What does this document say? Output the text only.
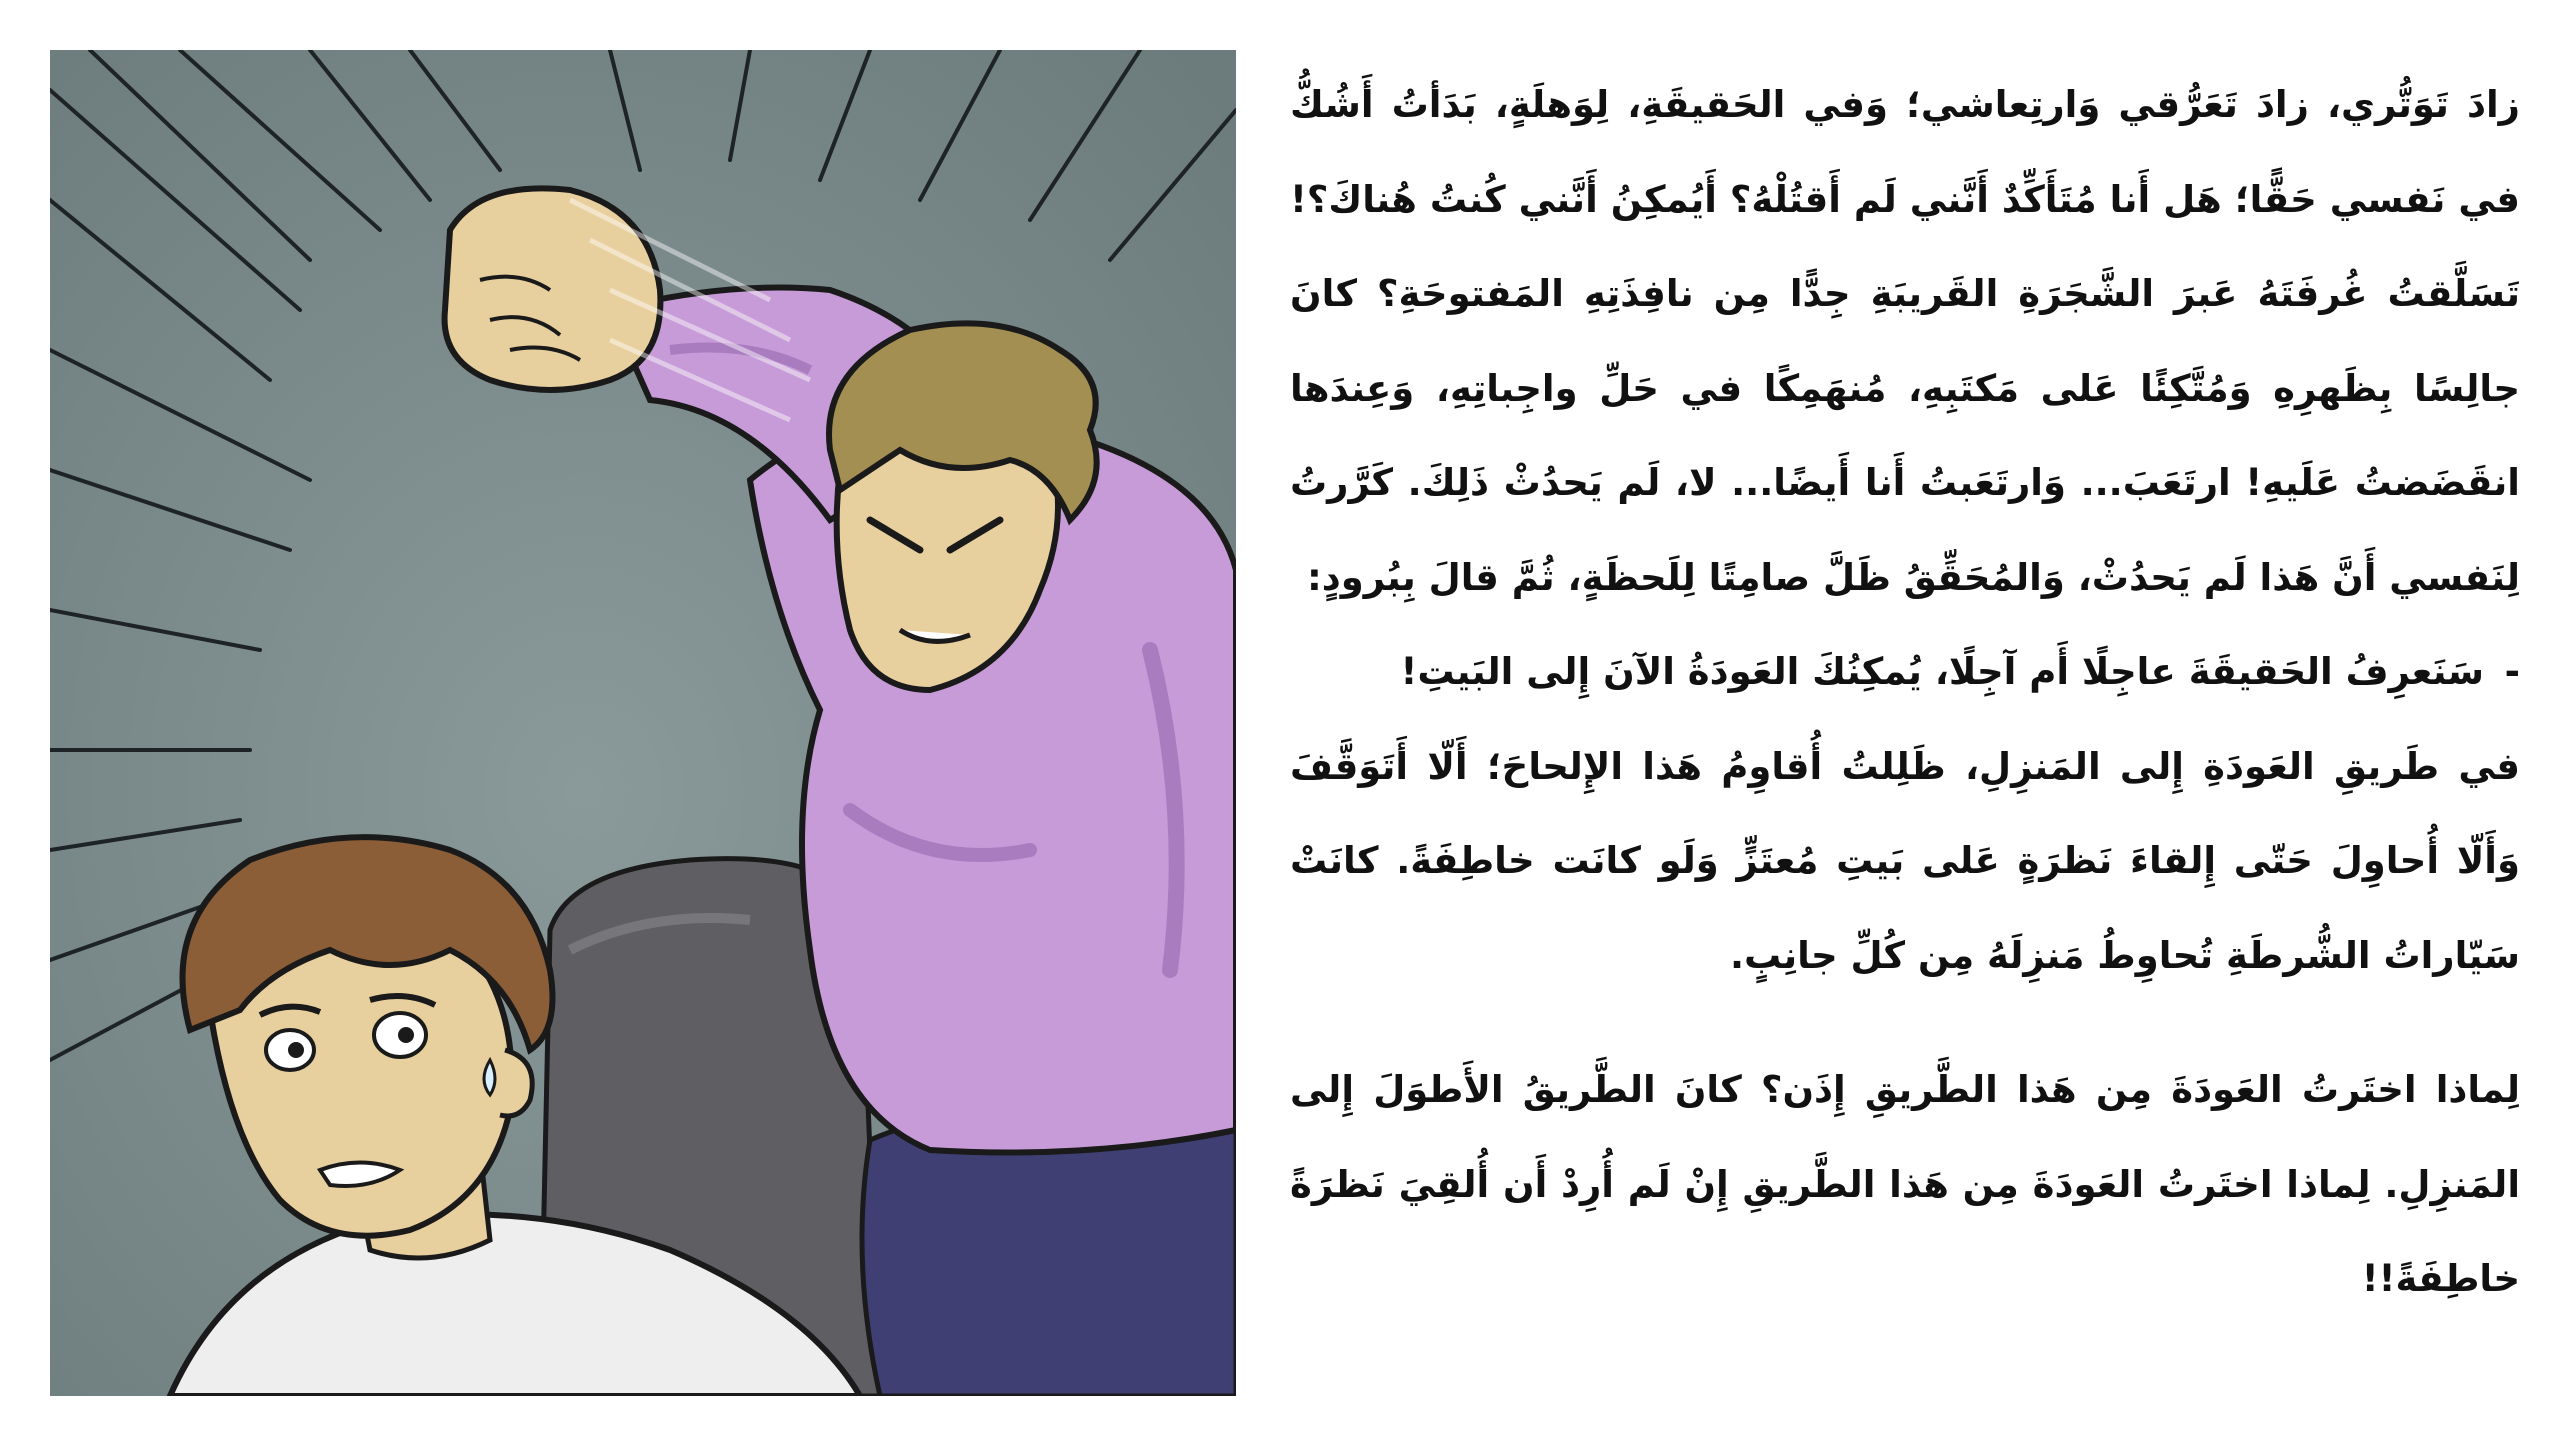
زادَ تَوَتُّري، زادَ تَعَرُّقي وَارتِعاشي؛ وَفي الحَقيقَةِ، لِوَهلَةٍ، بَدَأتُ أَشُكُّ في نَفسي حَقًّا؛ هَل أَنا مُتَأَكِّدٌ أَنَّني لَم أَقتُلْهُ؟ أَيُمكِنُ أَنَّني كُنتُ هُناكَ؟! تَسَلَّقتُ غُرفَتَهُ عَبرَ الشَّجَرَةِ القَريبَةِ جِدًّا مِن نافِذَتِهِ المَفتوحَةِ؟ كانَ جالِسًا بِظَهرِهِ وَمُتَّكِئًا عَلى مَكتَبِهِ، مُنهَمِكًا في حَلِّ واجِباتِهِ، وَعِندَها انقَضَضتُ عَلَيهِ! ارتَعَبَ... وَارتَعَبتُ أَنا أَيضًا... لا، لَم يَحدُثْ ذَلِكَ. كَرَّرتُ لِنَفسي أَنَّ هَذا لَم يَحدُثْ، وَالمُحَقِّقُ ظَلَّ صامِتًا لِلَحظَةٍ، ثُمَّ قالَ بِبُرودٍ:

-
سَنَعرِفُ الحَقيقَةَ عاجِلًا أَم آجِلًا، يُمكِنُكَ العَودَةُ الآنَ إِلى البَيتِ!

في طَريقِ العَودَةِ إِلى المَنزِلِ، ظَلِلتُ أُقاوِمُ هَذا الإِلحاحَ؛ أَلّا أَتَوَقَّفَ وَأَلّا أُحاوِلَ حَتّى إِلقاءَ نَظرَةٍ عَلى بَيتِ مُعتَزٍّ وَلَو كانَت خاطِفَةً. كانَتْ سَيّاراتُ الشُّرطَةِ تُحاوِطُ مَنزِلَهُ مِن كُلِّ جانِبٍ.

لِماذا اختَرتُ العَودَةَ مِن هَذا الطَّريقِ إِذَن؟ كانَ الطَّريقُ الأَطوَلَ إِلى المَنزِلِ. لِماذا اختَرتُ العَودَةَ مِن هَذا الطَّريقِ إِنْ لَم أُرِدْ أَن أُلقِيَ نَظرَةً خاطِفَةً!!
